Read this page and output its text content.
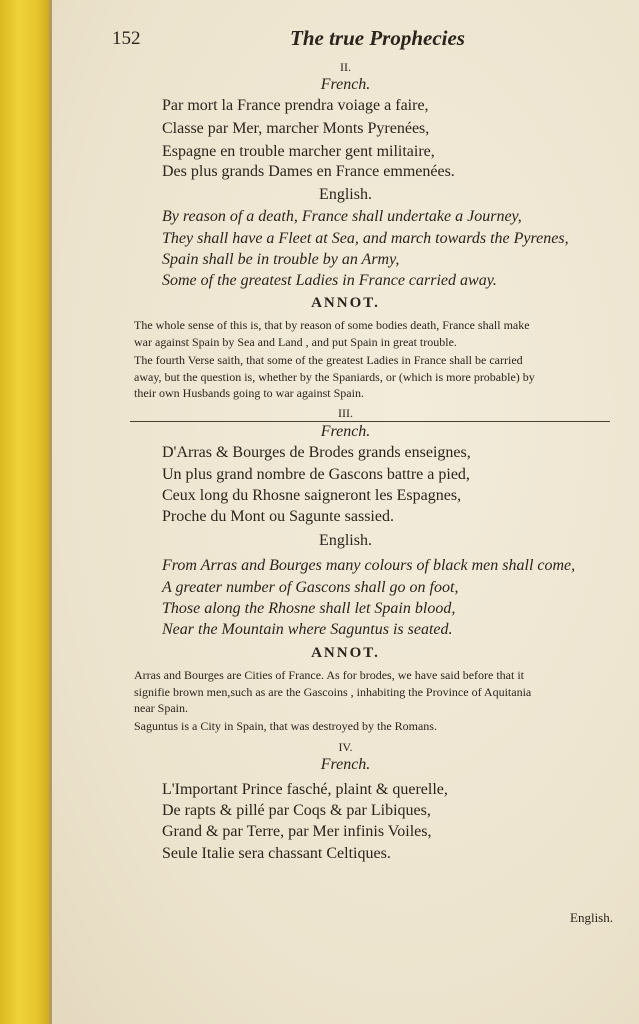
152	The true Prophecies
II.
French.
Par mort la France prendra voiage a faire,
Classe par Mer, marcher Monts Pyrenées,
Espagne en trouble marcher gent militaire,
Des plus grands Dames en France emmenées.
English.
By reason of a death, France shall undertake a Journey,
They shall have a Fleet at Sea, and march towards the Pyrenes,
Spain shall be in trouble by an Army,
Some of the greatest Ladies in France carried away.
ANNOT.
The whole sense of this is, that by reason of some bodies death, France shall make
war against Spain by Sea and Land , and put Spain in great trouble.
The fourth Verse saith, that some of the greatest Ladies in France shall be carried
away, but the question is, whether by the Spaniards, or (which is more probable) by
their own Husbands going to war against Spain.
III.
French.
D'Arras & Bourges de Brodes grands enseignes,
Un plus grand nombre de Gascons battre a pied,
Ceux long du Rhosne saigneront les Espagnes,
Proche du Mont ou Sagunte sassied.
English.
From Arras and Bourges many colours of black men shall come,
A greater number of Gascons shall go on foot,
Those along the Rhosne shall let Spain blood,
Near the Mountain where Saguntus is seated.
ANNOT.
Arras and Bourges are Cities of France. As for brodes, we have said before that it
signifie brown men,such as are the Gascoins , inhabiting the Province of Aquitania
near Spain.
Saguntus is a City in Spain, that was destroyed by the Romans.
IV.
French.
L'Important Prince fasché, plaint & querelle,
De rapts & pillé par Coqs & par Libiques,
Grand & par Terre, par Mer infinis Voiles,
Seule Italie sera chassant Celtiques.
English.
